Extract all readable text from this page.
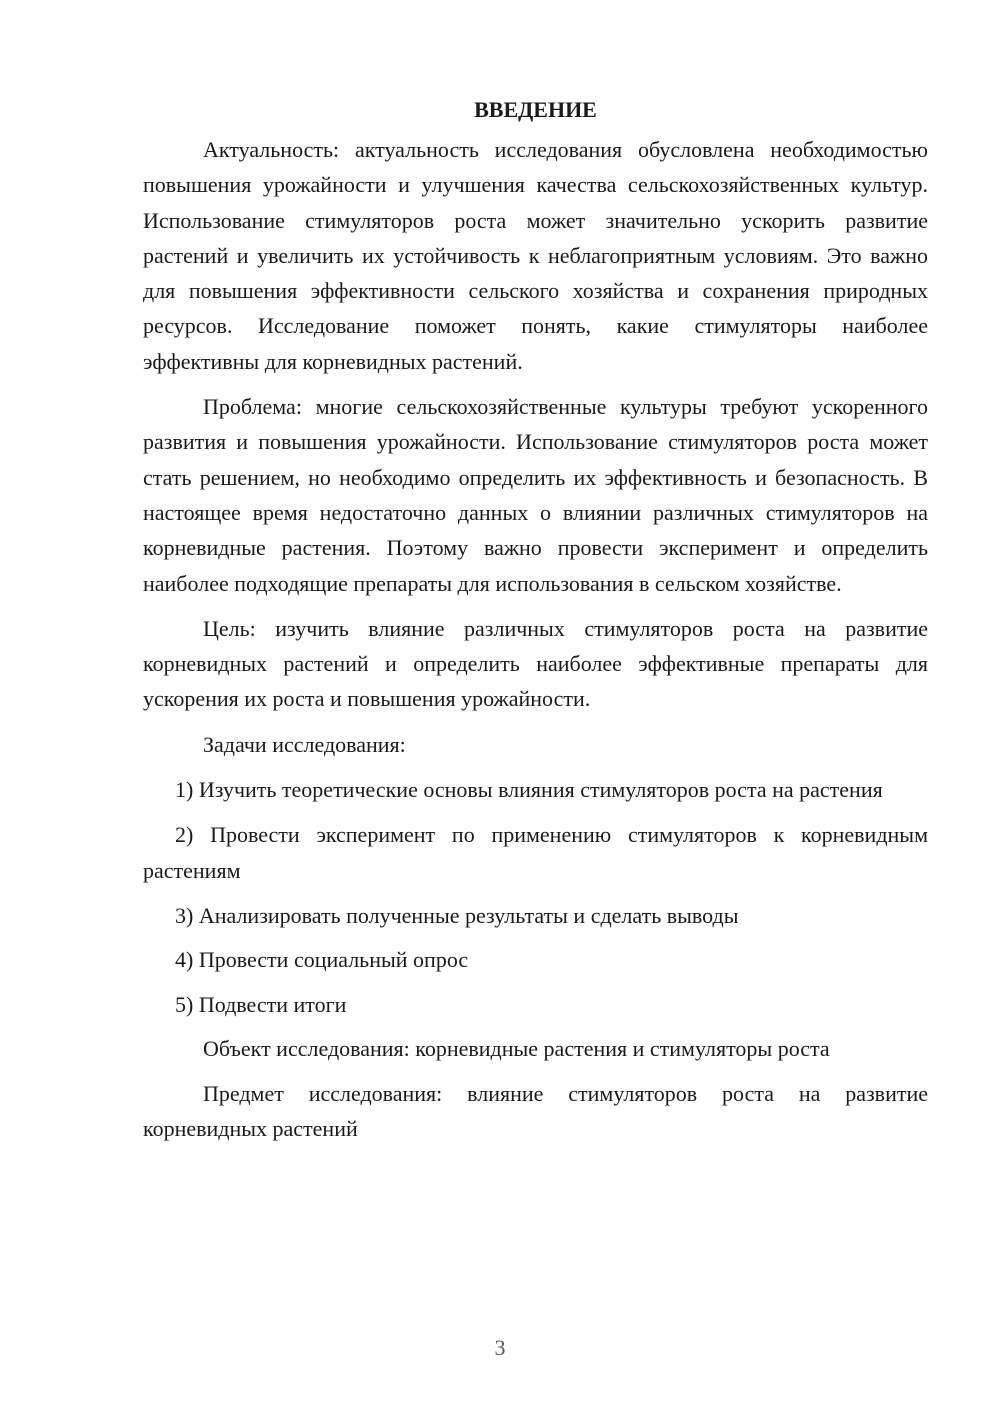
ВВЕДЕНИЕ

Актуальность: актуальность исследования обусловлена необходимостью повышения урожайности и улучшения качества сельскохозяйственных культур. Использование стимуляторов роста может значительно ускорить развитие растений и увеличить их устойчивость к неблагоприятным условиям. Это важно для повышения эффективности сельского хозяйства и сохранения природных ресурсов. Исследование поможет понять, какие стимуляторы наиболее эффективны для корневидных растений.

Проблема: многие сельскохозяйственные культуры требуют ускоренного развития и повышения урожайности. Использование стимуляторов роста может стать решением, но необходимо определить их эффективность и безопасность. В настоящее время недостаточно данных о влиянии различных стимуляторов на корневидные растения. Поэтому важно провести эксперимент и определить наиболее подходящие препараты для использования в сельском хозяйстве.

Цель: изучить влияние различных стимуляторов роста на развитие корневидных растений и определить наиболее эффективные препараты для ускорения их роста и повышения урожайности.

Задачи исследования:

1) Изучить теоретические основы влияния стимуляторов роста на растения

2) Провести эксперимент по применению стимуляторов к корневидным растениям

3) Анализировать полученные результаты и сделать выводы

4) Провести социальный опрос

5) Подвести итоги

Объект исследования: корневидные растения и стимуляторы роста

Предмет исследования: влияние стимуляторов роста на развитие корневидных растений

3
